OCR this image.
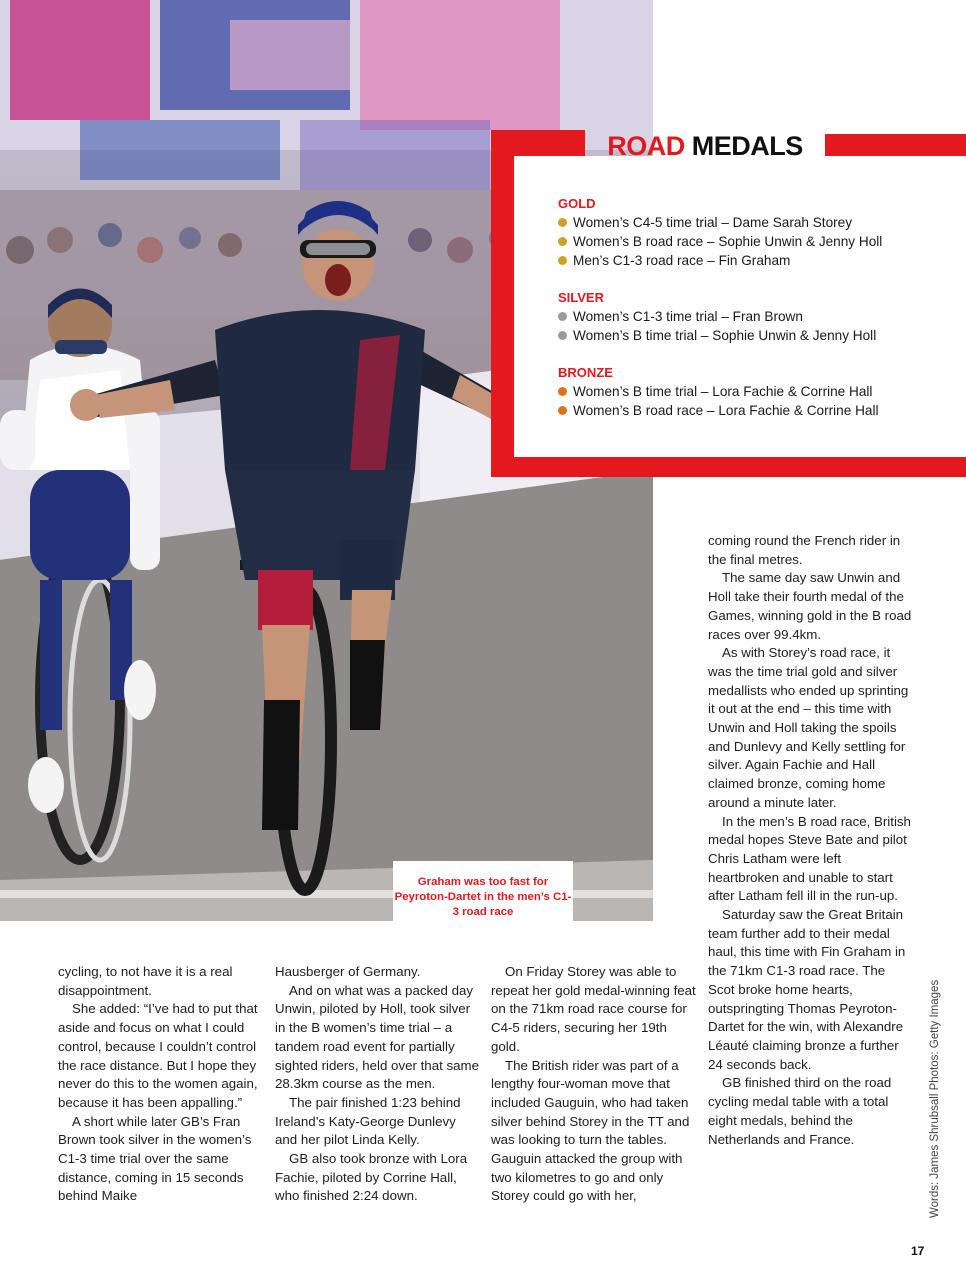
ROAD MEDALS
GOLD
Women’s C4-5 time trial – Dame Sarah Storey
Women’s B road race – Sophie Unwin & Jenny Holl
Men’s C1-3 road race – Fin Graham
SILVER
Women’s C1-3 time trial – Fran Brown
Women’s B time trial – Sophie Unwin & Jenny Holl
BRONZE
Women’s B time trial – Lora Fachie & Corrine Hall
Women’s B road race – Lora Fachie & Corrine Hall
Graham was too fast for Peyroton-Dartet in the men’s C1-3 road race

cycling, to not have it is a real disappointment.

She added: “I’ve had to put that aside and focus on what I could control, because I couldn’t control the race distance. But I hope they never do this to the women again, because it has been appalling.”

A short while later GB’s Fran Brown took silver in the women’s C1-3 time trial over the same distance, coming in 15 seconds behind Maike

Hausberger of Germany.

And on what was a packed day Unwin, piloted by Holl, took silver in the B women’s time trial – a tandem road event for partially sighted riders, held over that same 28.3km course as the men.

The pair finished 1:23 behind Ireland’s Katy-George Dunlevy and her pilot Linda Kelly.

GB also took bronze with Lora Fachie, piloted by Corrine Hall, who finished 2:24 down.

On Friday Storey was able to repeat her gold medal-winning feat on the 71km road race course for C4-5 riders, securing her 19th gold.

The British rider was part of a lengthy four-woman move that included Gauguin, who had taken silver behind Storey in the TT and was looking to turn the tables. Gauguin attacked the group with two kilometres to go and only Storey could go with her,

coming round the French rider in the final metres.

The same day saw Unwin and Holl take their fourth medal of the Games, winning gold in the B road races over 99.4km.

As with Storey’s road race, it was the time trial gold and silver medallists who ended up sprinting it out at the end – this time with Unwin and Holl taking the spoils and Dunlevy and Kelly settling for silver. Again Fachie and Hall claimed bronze, coming home around a minute later.

In the men’s B road race, British medal hopes Steve Bate and pilot Chris Latham were left heartbroken and unable to start after Latham fell ill in the run-up.

Saturday saw the Great Britain team further add to their medal haul, this time with Fin Graham in the 71km C1-3 road race. The Scot broke home hearts, outspringting Thomas Peyroton-Dartet for the win, with Alexandre Léauté claiming bronze a further 24 seconds back.

GB finished third on the road cycling medal table with a total eight medals, behind the Netherlands and France.	Words: James Shrubsall Photos: Getty Images
17
